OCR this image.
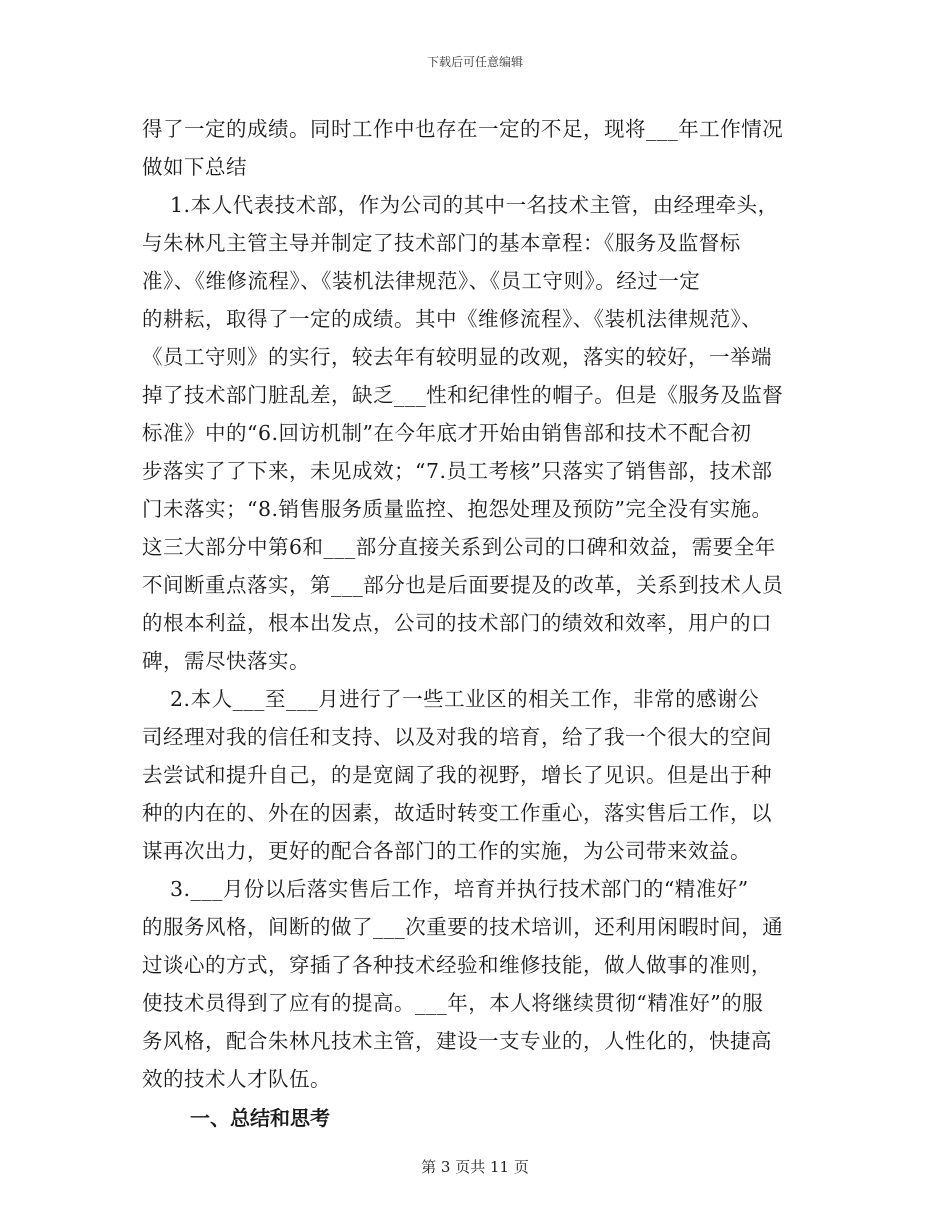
下载后可任意编辑

得了一定的成绩。同时工作中也存在一定的不足，现将___年工作情况
做如下总结

　 1.本人代表技术部，作为公司的其中一名技术主管，由经理牵头，
与朱林凡主管主导并制定了技术部门的基本章程：《服务及监督标
准》、《维修流程》、《装机法律规范》、《员工守则》。经过一定
的耕耘，取得了一定的成绩。其中《维修流程》、《装机法律规范》、
《员工守则》的实行，较去年有较明显的改观，落实的较好，一举端
掉了技术部门脏乱差，缺乏___性和纪律性的帽子。但是《服务及监督
标准》中的“6.回访机制”在今年底才开始由销售部和技术不配合初
步落实了了下来，未见成效；“7.员工考核”只落实了销售部，技术部
门未落实；“8.销售服务质量监控、抱怨处理及预防”完全没有实施。
这三大部分中第6和___部分直接关系到公司的口碑和效益，需要全年
不间断重点落实，第___部分也是后面要提及的改革，关系到技术人员
的根本利益，根本出发点，公司的技术部门的绩效和效率，用户的口
碑，需尽快落实。

　 2.本人___至___月进行了一些工业区的相关工作，非常的感谢公
司经理对我的信任和支持、以及对我的培育，给了我一个很大的空间
去尝试和提升自己，的是宽阔了我的视野，增长了见识。但是出于种
种的内在的、外在的因素，故适时转变工作重心，落实售后工作，以
谋再次出力，更好的配合各部门的工作的实施，为公司带来效益。

　 3.___月份以后落实售后工作，培育并执行技术部门的“精准好”
的服务风格，间断的做了___次重要的技术培训，还利用闲暇时间，通
过谈心的方式，穿插了各种技术经验和维修技能，做人做事的准则，
使技术员得到了应有的提高。___年，本人将继续贯彻“精准好”的服
务风格，配合朱林凡技术主管，建设一支专业的，人性化的，快捷高
效的技术人才队伍。

一、总结和思考

第 3 页共 11 页
